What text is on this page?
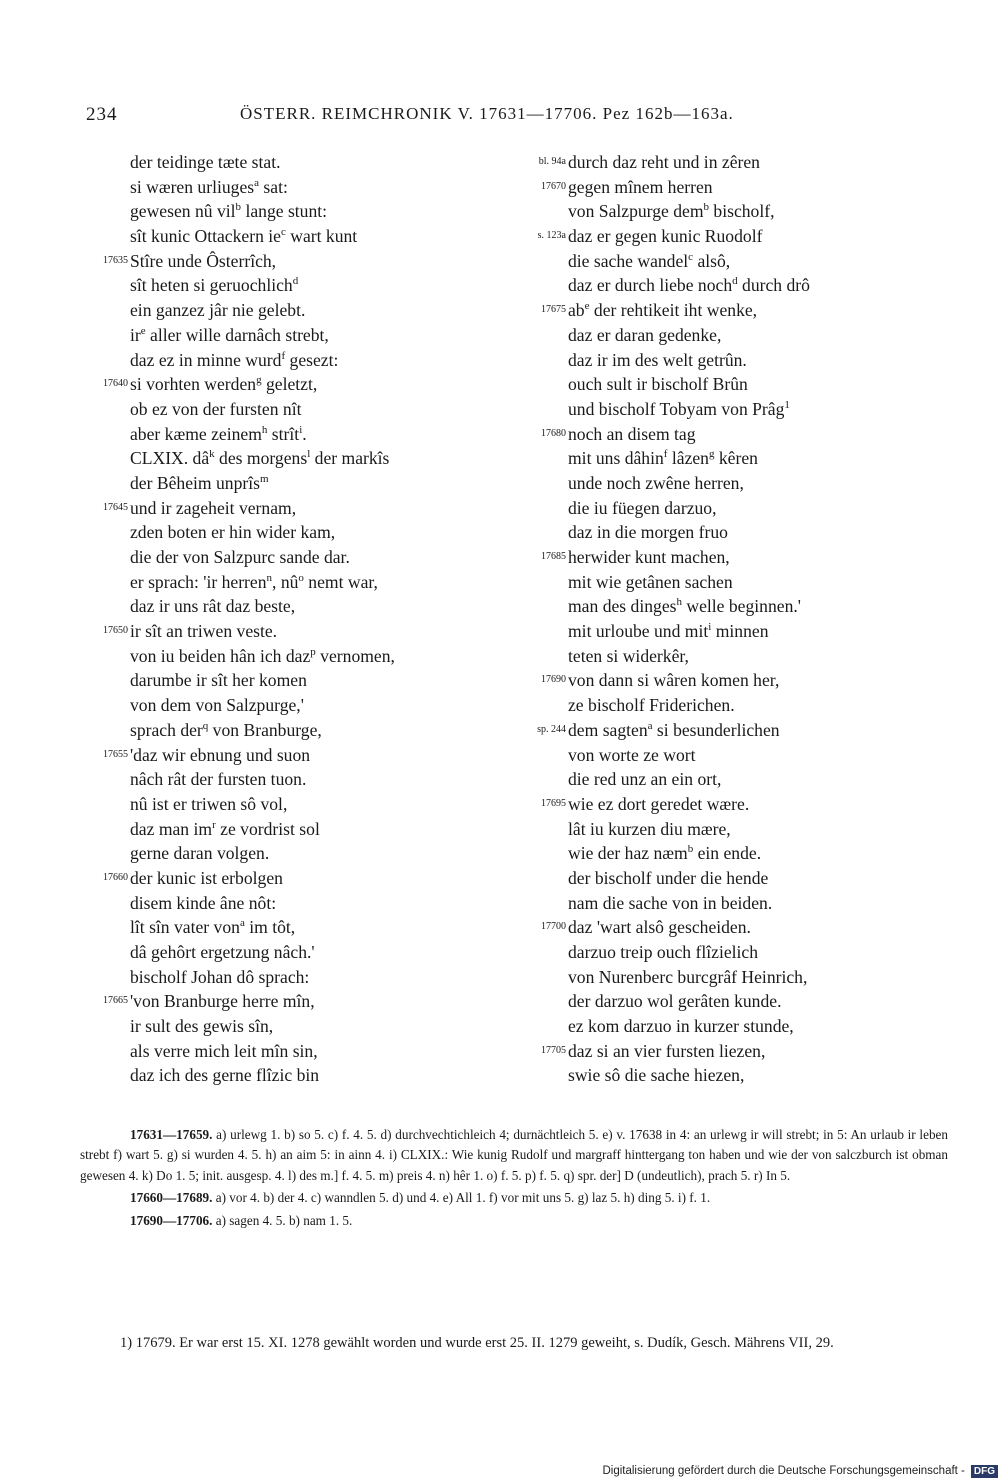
234	ÖSTERR. REIMCHRONIK V. 17631—17706. Pez 162b—163a.
der teidinge tæte stat.
si wæren urliuges$^a$ sat:
gewesen nû vil$^b$ lange stunt:
sît kunic Ottackern ie$^c$ wart kunt
17635 Stîre unde Ôsterrîch,
sît heten si geruochlich$^d$
ein ganzez jâr nie gelebt.
ir$^e$ aller wille darnâch strebt,
daz ez in minne wurd$^f$ gesezt:
17640 si vorhten werden$^g$ geletzt,
ob ez von der fursten nît
aber kæme zeinem$^h$ strît$^i$.
CLXIX. dâ$^k$ des morgens$^l$ der markîs
der Bêheim unprîs$^m$
17645 und ir zageheit vernam,
zden boten er hin wider kam,
die der von Salzpurc sande dar.
er sprach: 'ir herren$^n$, nû$^o$ nemt war,
daz ir uns rât daz beste,
17650 ir sît an triwen veste.
von iu beiden hân ich daz$^p$ vernomen,
darumbe ir sît her komen
von dem von Salzpurge,'
sprach der$^q$ von Branburge,
17655 'daz wir ebnung und suon
nâch rât der fursten tuon.
nû ist er triwen sô vol,
daz man im$^r$ ze vordrist sol
gerne daran volgen.
17660 der kunic ist erbolgen
disem kinde âne nôt:
lît sîn vater von$^a$ im tôt,
dâ gehôrt ergetzung nâch.'
bischolf Johan dô sprach:
17665 'von Branburge herre mîn,
ir sult des gewis sîn,
als verre mich leit mîn sin,
daz ich des gerne flîzic bin
bl. 94a durch daz reht und in zêren
17670 gegen mînem herren
von Salzpurge dem$^b$ bischolf,
s. 123a daz er gegen kunic Ruodolf
die sache wandel$^c$ alsô,
daz er durch liebe noch$^d$ durch drô
17675 ab$^e$ der rehtikeit iht wenke,
daz er daran gedenke,
daz ir im des welt getrûn.
ouch sult ir bischolf Brûn
und bischolf Tobyam von Prâg$^1$
17680 noch an disem tag
mit uns dâhin$^f$ lâzen$^g$ kêren
unde noch zwêne herren,
die iu füegen darzuo,
daz in die morgen fruo
17685 herwider kunt machen,
mit wie getânen sachen
man des dinges$^h$ welle beginnen.'
mit urloube und mit$^i$ minnen
teten si widerkêr,
17690 von dann si wâren komen her,
ze bischolf Friderichen.
sp. 244 dem sagten$^a$ si besunderlichen
von worte ze wort
die red unz an ein ort,
17695 wie ez dort geredet wære.
lât iu kurzen diu mære,
wie der haz næm$^b$ ein ende.
der bischolf under die hende
nam die sache von in beiden.
17700 daz 'wart alsô gescheiden.
darzuo treip ouch flîzielich
von Nurenberc burcgrâf Heinrich,
der darzuo wol gerâten kunde.
ez kom darzuo in kurzer stunde,
17705 daz si an vier fursten liezen,
swie sô die sache hiezen,

17631—17659. a) urlewg 1. b) so 5. c) f. 4. 5. d) durchvechtichleich 4; durnächtleich 5. e) v. 17638 in 4: an urlewg ir will strebt; in 5: An urlaub ir leben strebt f) wart 5. g) si wurden 4. 5. h) an aim 5: in ainn 4. i) CLXIX.: Wie kunig Rudolf und margraff hinttergang ton haben und wie der von salczburch ist obman gewesen 4. k) Do 1. 5; init. ausgesp. 4. l) des m.] f. 4. 5. m) preis 4. n) hêr 1. o) f. 5. p) f. 5. q) spr. der] D (undeutlich), prach 5. r) In 5.

17660—17689. a) vor 4. b) der 4. c) wanndlen 5. d) und 4. e) All 1. f) vor mit uns 5. g) laz 5. h) ding 5. i) f. 1.

17690—17706. a) sagen 4. 5. b) nam 1. 5.

1) 17679. Er war erst 15. XI. 1278 gewählt worden und wurde erst 25. II. 1279 geweiht, s. Dudík, Gesch. Mährens VII, 29.
Digitalisierung gefördert durch die Deutsche Forschungsgemeinschaft - DFG
